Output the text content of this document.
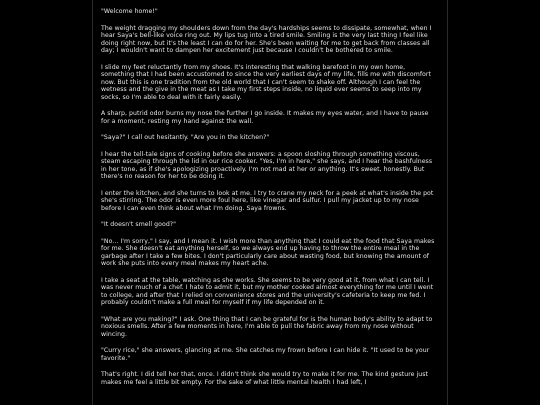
"Welcome home!"

The weight dragging my shoulders down from the day's hardships seems to dissipate, somewhat, when I hear Saya's bell-like voice ring out. My lips tug into a tired smile. Smiling is the very last thing I feel like doing right now, but it's the least I can do for her. She's been waiting for me to get back from classes all day; I wouldn't want to dampen her excitement just because I couldn't be bothered to smile.

I slide my feet reluctantly from my shoes. It's interesting that walking barefoot in my own home, something that I had been accustomed to since the very earliest days of my life, fills me with discomfort now. But this is one tradition from the old world that I can't seem to shake off. Although I can feel the wetness and the give in the meat as I take my first steps inside, no liquid ever seems to seep into my socks, so I'm able to deal with it fairly easily.

A sharp, putrid odor burns my nose the further I go inside. It makes my eyes water, and I have to pause for a moment, resting my hand against the wall.

"Saya?" I call out hesitantly. "Are you in the kitchen?"

I hear the tell-tale signs of cooking before she answers: a spoon sloshing through something viscous, steam escaping through the lid in our rice cooker. "Yes, I'm in here," she says, and I hear the bashfulness in her tone, as if she's apologizing proactively. I'm not mad at her or anything. It's sweet, honestly. But there's no reason for her to be doing it.

I enter the kitchen, and she turns to look at me. I try to crane my neck for a peek at what's inside the pot she's stirring. The odor is even more foul here, like vinegar and sulfur. I pull my jacket up to my nose before I can even think about what I'm doing. Saya frowns.

"It doesn't smell good?"

"No... I'm sorry," I say, and I mean it. I wish more than anything that I could eat the food that Saya makes for me. She doesn't eat anything herself, so we always end up having to throw the entire meal in the garbage after I take a few bites. I don't particularly care about wasting food, but knowing the amount of work she puts into every meal makes my heart ache.

I take a seat at the table, watching as she works. She seems to be very good at it, from what I can tell. I was never much of a chef. I hate to admit it, but my mother cooked almost everything for me until I went to college, and after that I relied on convenience stores and the university's cafeteria to keep me fed. I probably couldn't make a full meal for myself if my life depended on it.

"What are you making?" I ask. One thing that I can be grateful for is the human body's ability to adapt to noxious smells. After a few moments in here, I'm able to pull the fabric away from my nose without wincing.

"Curry rice," she answers, glancing at me. She catches my frown before I can hide it. "It used to be your favorite."

That's right. I did tell her that, once. I didn't think she would try to make it for me. The kind gesture just makes me feel a little bit empty. For the sake of what little mental health I had left, I
